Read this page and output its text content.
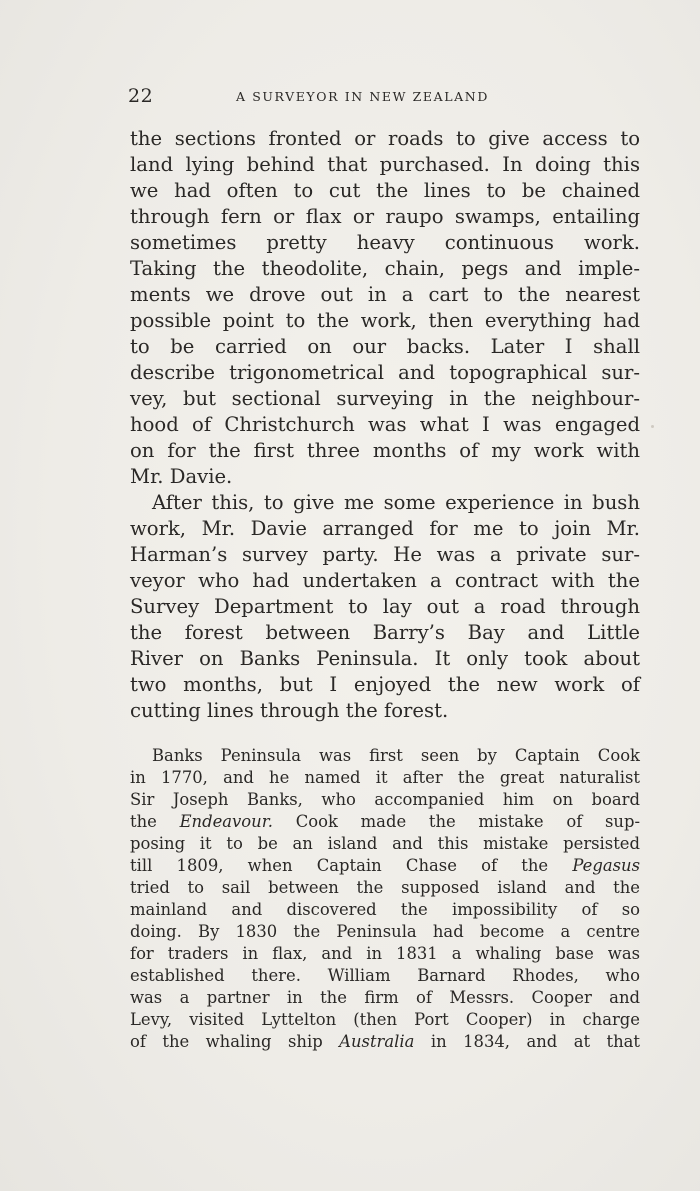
22	A SURVEYOR IN NEW ZEALAND
the sections fronted or roads to give access to
land lying behind that purchased. In doing this
we had often to cut the lines to be chained
through fern or flax or raupo swamps, entailing
sometimes pretty heavy continuous work.
Taking the theodolite, chain, pegs and imple-
ments we drove out in a cart to the nearest
possible point to the work, then everything had
to be carried on our backs. Later I shall
describe trigonometrical and topographical sur-
vey, but sectional surveying in the neighbour-
hood of Christchurch was what I was engaged
on for the first three months of my work with
Mr. Davie.
After this, to give me some experience in bush
work, Mr. Davie arranged for me to join Mr.
Harman’s survey party. He was a private sur-
veyor who had undertaken a contract with the
Survey Department to lay out a road through
the forest between Barry’s Bay and Little
River on Banks Peninsula. It only took about
two months, but I enjoyed the new work of
cutting lines through the forest.
Banks Peninsula was first seen by Captain Cook
in 1770, and he named it after the great naturalist
Sir Joseph Banks, who accompanied him on board
the Endeavour. Cook made the mistake of sup-
posing it to be an island and this mistake persisted
till 1809, when Captain Chase of the Pegasus
tried to sail between the supposed island and the
mainland and discovered the impossibility of so
doing. By 1830 the Peninsula had become a centre
for traders in flax, and in 1831 a whaling base was
established there. William Barnard Rhodes, who
was a partner in the firm of Messrs. Cooper and
Levy, visited Lyttelton (then Port Cooper) in charge
of the whaling ship Australia in 1834, and at that
